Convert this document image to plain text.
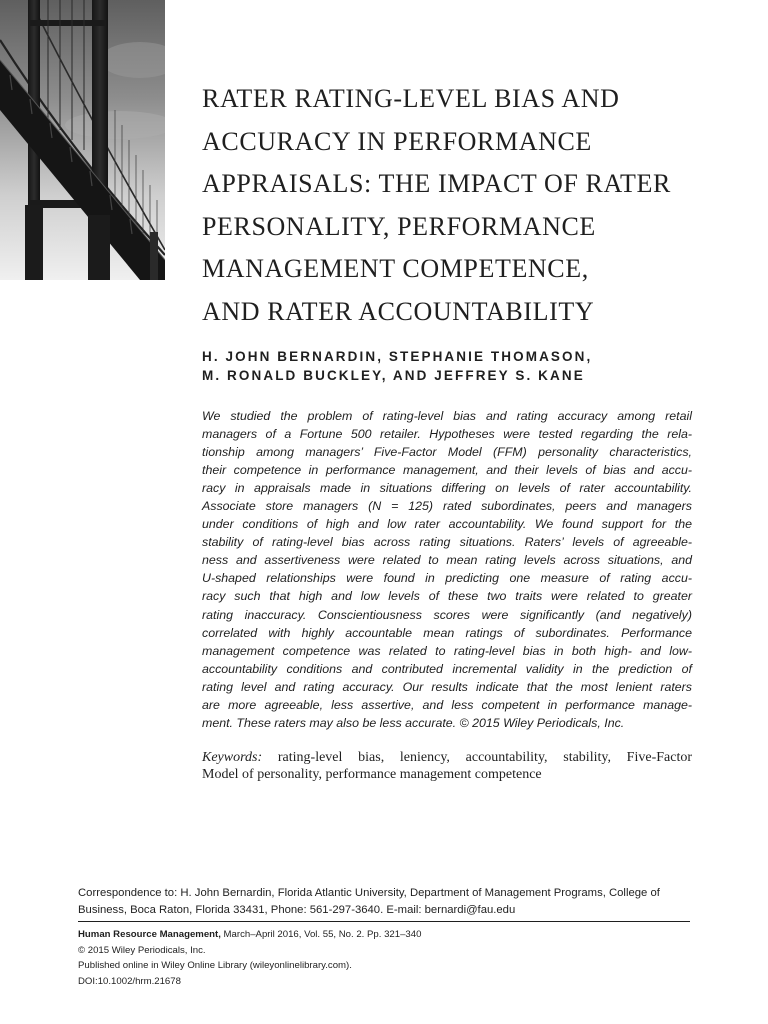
RATER RATING-LEVEL BIAS AND
ACCURACY IN PERFORMANCE
APPRAISALS: THE IMPACT OF RATER
PERSONALITY, PERFORMANCE
MANAGEMENT COMPETENCE,
AND RATER ACCOUNTABILITY
H. JOHN BERNARDIN, STEPHANIE THOMASON,
M. RONALD BUCKLEY, AND JEFFREY S. KANE
We studied the problem of rating-level bias and rating accuracy among retail
managers of a Fortune 500 retailer. Hypotheses were tested regarding the rela-
tionship among managers’ Five-Factor Model (FFM) personality characteristics,
their competence in performance management, and their levels of bias and accu-
racy in appraisals made in situations differing on levels of rater accountability.
Associate store managers (N = 125) rated subordinates, peers and managers
under conditions of high and low rater accountability. We found support for the
stability of rating-level bias across rating situations. Raters’ levels of agreeable-
ness and assertiveness were related to mean rating levels across situations, and
U-shaped relationships were found in predicting one measure of rating accu-
racy such that high and low levels of these two traits were related to greater
rating inaccuracy. Conscientiousness scores were significantly (and negatively)
correlated with highly accountable mean ratings of subordinates. Performance
management competence was related to rating-level bias in both high- and low-
accountability conditions and contributed incremental validity in the prediction of
rating level and rating accuracy. Our results indicate that the most lenient raters
are more agreeable, less assertive, and less competent in performance manage-
ment. These raters may also be less accurate. © 2015 Wiley Periodicals, Inc.
Keywords: rating-level bias, leniency, accountability, stability, Five-Factor
Model of personality, performance management competence
Correspondence to: H. John Bernardin, Florida Atlantic University, Department of Management Programs, College of
Business, Boca Raton, Florida 33431, Phone: 561-297-3640. E-mail: bernardi@fau.edu
Human Resource Management, March–April 2016, Vol. 55, No. 2. Pp. 321–340
© 2015 Wiley Periodicals, Inc.
Published online in Wiley Online Library (wileyonlinelibrary.com).
DOI:10.1002/hrm.21678
